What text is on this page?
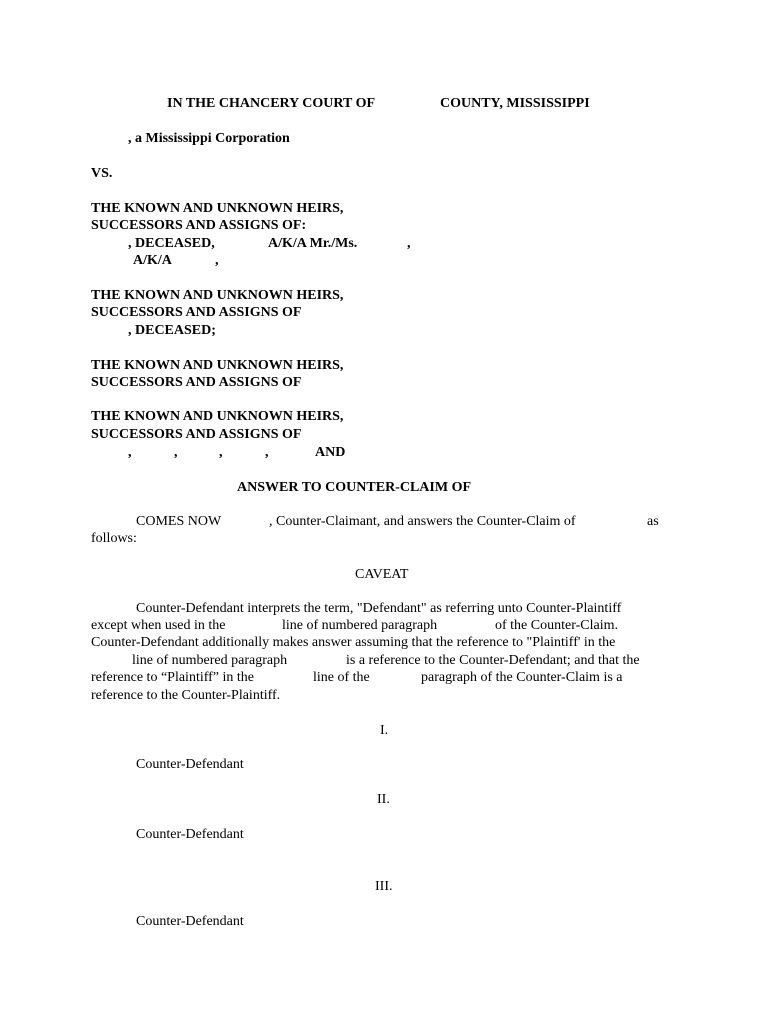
IN THE CHANCERY COURT OF	COUNTY, MISSISSIPPI
, a Mississippi Corporation
VS.
THE KNOWN AND UNKNOWN HEIRS,
SUCCESSORS AND ASSIGNS OF:
, DECEASED,	A/K/A Mr./Ms.	,
A/K/A	,
THE KNOWN AND UNKNOWN HEIRS,
SUCCESSORS AND ASSIGNS OF
, DECEASED;
THE KNOWN AND UNKNOWN HEIRS,
SUCCESSORS AND ASSIGNS OF
THE KNOWN AND UNKNOWN HEIRS,
SUCCESSORS AND ASSIGNS OF
,	,	,	,	AND
ANSWER TO COUNTER-CLAIM OF
COMES NOW	, Counter-Claimant, and answers the Counter-Claim of	as
follows:
CAVEAT
Counter-Defendant interprets the term, "Defendant" as referring unto Counter-Plaintiff
except when used in the	line of numbered paragraph	of the Counter-Claim.
Counter-Defendant additionally makes answer assuming that the reference to "Plaintiff' in the
line of numbered paragraph	is a reference to the Counter-Defendant; and that the
reference to “Plaintiff” in the	line of the	paragraph of the Counter-Claim is a
reference to the Counter-Plaintiff.
I.
Counter-Defendant
II.
Counter-Defendant
III.
Counter-Defendant
